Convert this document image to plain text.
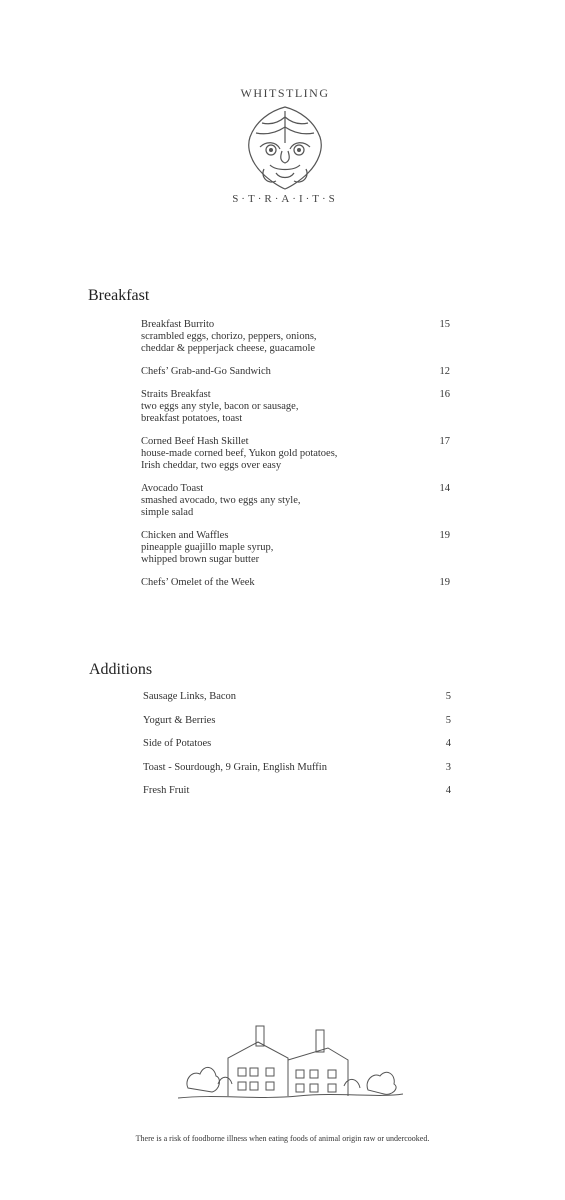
WHITSTLING
S·T·R·A·I·T·S
Breakfast
Breakfast Burrito
scrambled eggs, chorizo, peppers, onions,
cheddar & pepperjack cheese, guacamole
15
Chefs’ Grab-and-Go Sandwich	12
Straits Breakfast
two eggs any style, bacon or sausage,
breakfast potatoes, toast
16
Corned Beef Hash Skillet
house-made corned beef, Yukon gold potatoes,
Irish cheddar, two eggs over easy
17
Avocado Toast
smashed avocado, two eggs any style,
simple salad
14
Chicken and Waffles
pineapple guajillo maple syrup,
whipped brown sugar butter
19
Chefs’ Omelet of the Week	19
Additions
Sausage Links, Bacon	5
Yogurt & Berries	5
Side of Potatoes	4
Toast - Sourdough, 9 Grain, English Muffin	3
Fresh Fruit	4

There is a risk of foodborne illness when eating foods of animal origin raw or undercooked.
